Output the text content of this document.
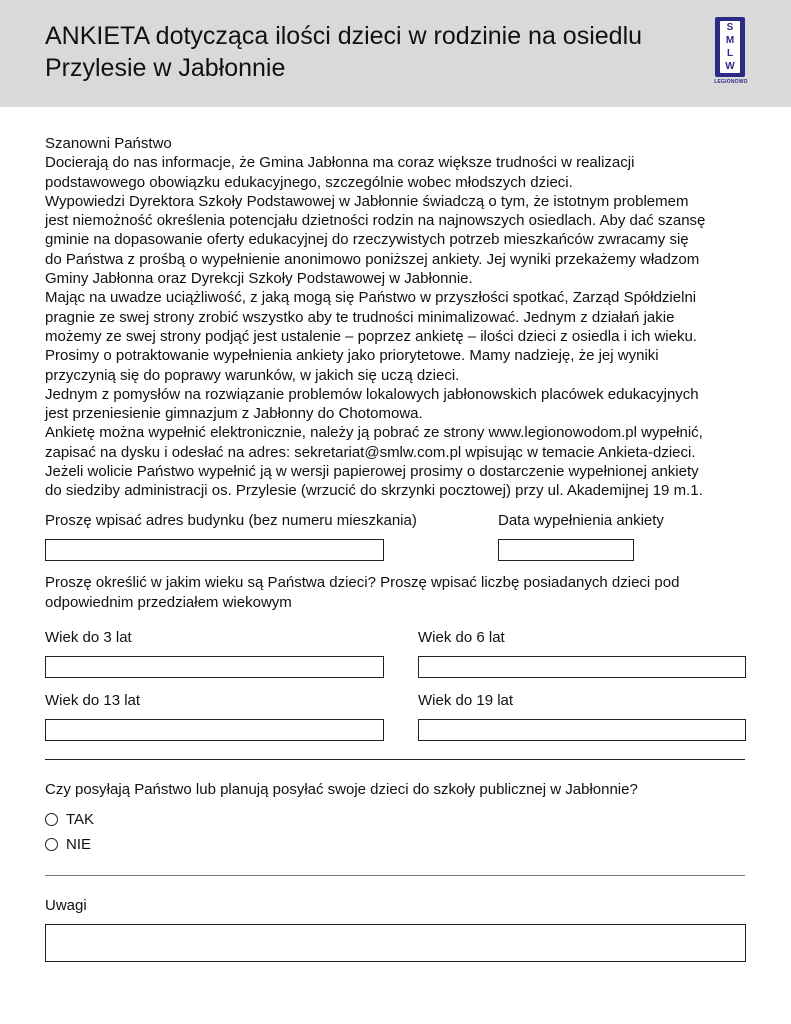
ANKIETA dotycząca ilości dzieci w rodzinie na osiedlu
Przylesie w Jabłonnie
S
M
L
W
LEGIONOWO
Szanowni Państwo
Docierają do nas informacje, że Gmina Jabłonna ma coraz większe trudności w realizacji
podstawowego obowiązku edukacyjnego, szczególnie wobec młodszych dzieci.
Wypowiedzi Dyrektora Szkoły Podstawowej w Jabłonnie świadczą o tym, że istotnym problemem
jest niemożność określenia potencjału dzietności rodzin na najnowszych osiedlach. Aby dać szansę
gminie na dopasowanie oferty edukacyjnej do rzeczywistych potrzeb mieszkańców zwracamy się
do Państwa z prośbą o wypełnienie anonimowo poniższej ankiety. Jej wyniki przekażemy władzom
Gminy Jabłonna oraz Dyrekcji Szkoły Podstawowej w Jabłonnie.
Mając na uwadze uciążliwość, z jaką mogą się Państwo w przyszłości spotkać, Zarząd Spółdzielni
pragnie ze swej strony zrobić wszystko aby te trudności minimalizować. Jednym z działań jakie
możemy ze swej strony podjąć jest ustalenie – poprzez ankietę – ilości dzieci z osiedla i ich wieku.
Prosimy o potraktowanie wypełnienia ankiety jako priorytetowe. Mamy nadzieję, że jej wyniki
przyczynią się do poprawy warunków, w jakich się uczą dzieci.
Jednym z pomysłów na rozwiązanie problemów lokalowych jabłonowskich placówek edukacyjnych
jest przeniesienie gimnazjum z Jabłonny do Chotomowa.
Ankietę można wypełnić elektronicznie, należy ją pobrać ze strony www.legionowodom.pl wypełnić,
zapisać na dysku i odesłać na adres: sekretariat@smlw.com.pl wpisując w temacie Ankieta-dzieci.
Jeżeli wolicie Państwo wypełnić ją w wersji papierowej prosimy o dostarczenie wypełnionej ankiety
do siedziby administracji os. Przylesie (wrzucić do skrzynki pocztowej) przy ul. Akademijnej 19 m.1.
Proszę wpisać adres budynku (bez numeru mieszkania)	Data wypełnienia ankiety
Proszę określić w jakim wieku są Państwa dzieci? Proszę wpisać liczbę posiadanych dzieci pod
odpowiednim przedziałem wiekowym
Wiek do 3 lat	Wiek do 6 lat
Wiek do 13 lat	Wiek do 19 lat
Czy posyłają Państwo lub planują posyłać swoje dzieci do szkoły publicznej w Jabłonnie?
TAK
NIE
Uwagi
